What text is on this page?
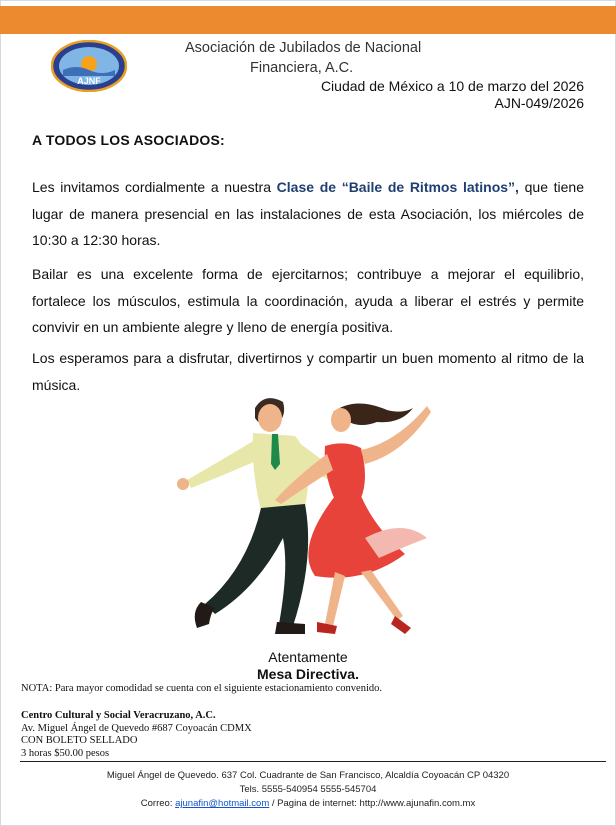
AJNF
Asociación de Jubilados de Nacional
Financiera, A.C.
Ciudad de México a 10 de marzo del 2026
AJN-049/2026
A TODOS LOS ASOCIADOS:
Les invitamos cordialmente a nuestra Clase de “Baile de Ritmos latinos”, que tiene lugar de manera presencial en las instalaciones de esta Asociación, los miércoles de 10:30 a 12:30 horas.
Bailar es una excelente forma de ejercitarnos; contribuye a mejorar el equilibrio, fortalece los músculos, estimula la coordinación, ayuda a liberar el estrés y permite convivir en un ambiente alegre y lleno de energía positiva.
Los esperamos para a disfrutar, divertirnos y compartir un buen momento al ritmo de la música.
Atentamente
Mesa Directiva.
NOTA: Para mayor comodidad se cuenta con el siguiente estacionamiento convenido.
Centro Cultural y Social Veracruzano, A.C.
Av. Miguel Ángel de Quevedo #687 Coyoacán CDMX
CON BOLETO SELLADO
3 horas $50.00 pesos
Miguel Ángel de Quevedo. 637 Col. Cuadrante de San Francisco, Alcaldía Coyoacán CP 04320
Tels. 5555-540954 5555-545704
Correo: ajunafin@hotmail.com / Pagina de internet: http://www.ajunafin.com.mx
